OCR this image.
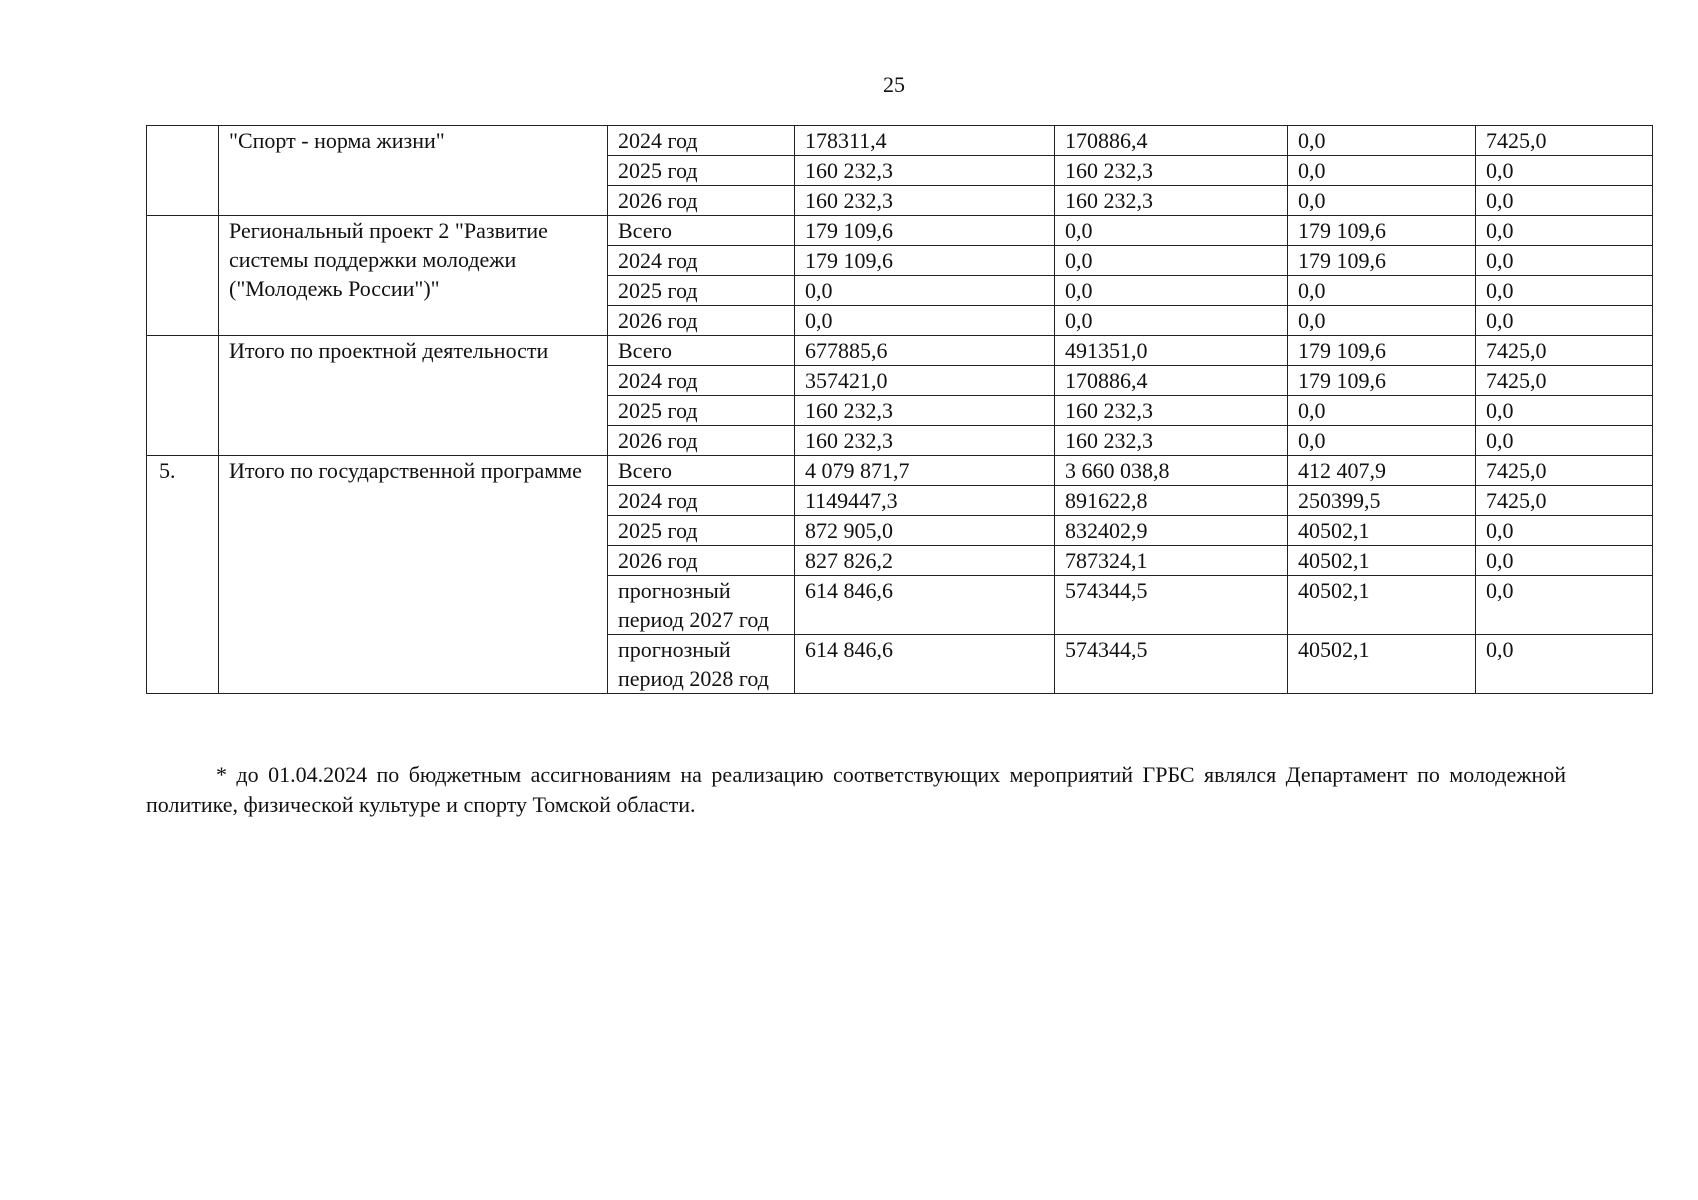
25
	"Спорт - норма жизни"	2024 год	178311,4	170886,4	0,0	7425,0
		2025 год	160 232,3	160 232,3	0,0	0,0
		2026 год	160 232,3	160 232,3	0,0	0,0
	Региональный проект 2 "Развитие системы поддержки молодежи ("Молодежь России")"	Всего	179 109,6	0,0	179 109,6	0,0
		2024 год	179 109,6	0,0	179 109,6	0,0
		2025 год	0,0	0,0	0,0	0,0
		2026 год	0,0	0,0	0,0	0,0
	Итого по проектной деятельности	Всего	677885,6	491351,0	179 109,6	7425,0
		2024 год	357421,0	170886,4	179 109,6	7425,0
		2025 год	160 232,3	160 232,3	0,0	0,0
		2026 год	160 232,3	160 232,3	0,0	0,0
5.	Итого по государственной программе	Всего	4 079 871,7	3 660 038,8	412 407,9	7425,0
		2024 год	1149447,3	891622,8	250399,5	7425,0
		2025 год	872 905,0	832402,9	40502,1	0,0
		2026 год	827 826,2	787324,1	40502,1	0,0
		прогнозный период 2027 год	614 846,6	574344,5	40502,1	0,0
		прогнозный период 2028 год	614 846,6	574344,5	40502,1	0,0
* до 01.04.2024 по бюджетным ассигнованиям на реализацию соответствующих мероприятий ГРБС являлся Департамент по молодежной политике, физической культуре и спорту Томской области.
